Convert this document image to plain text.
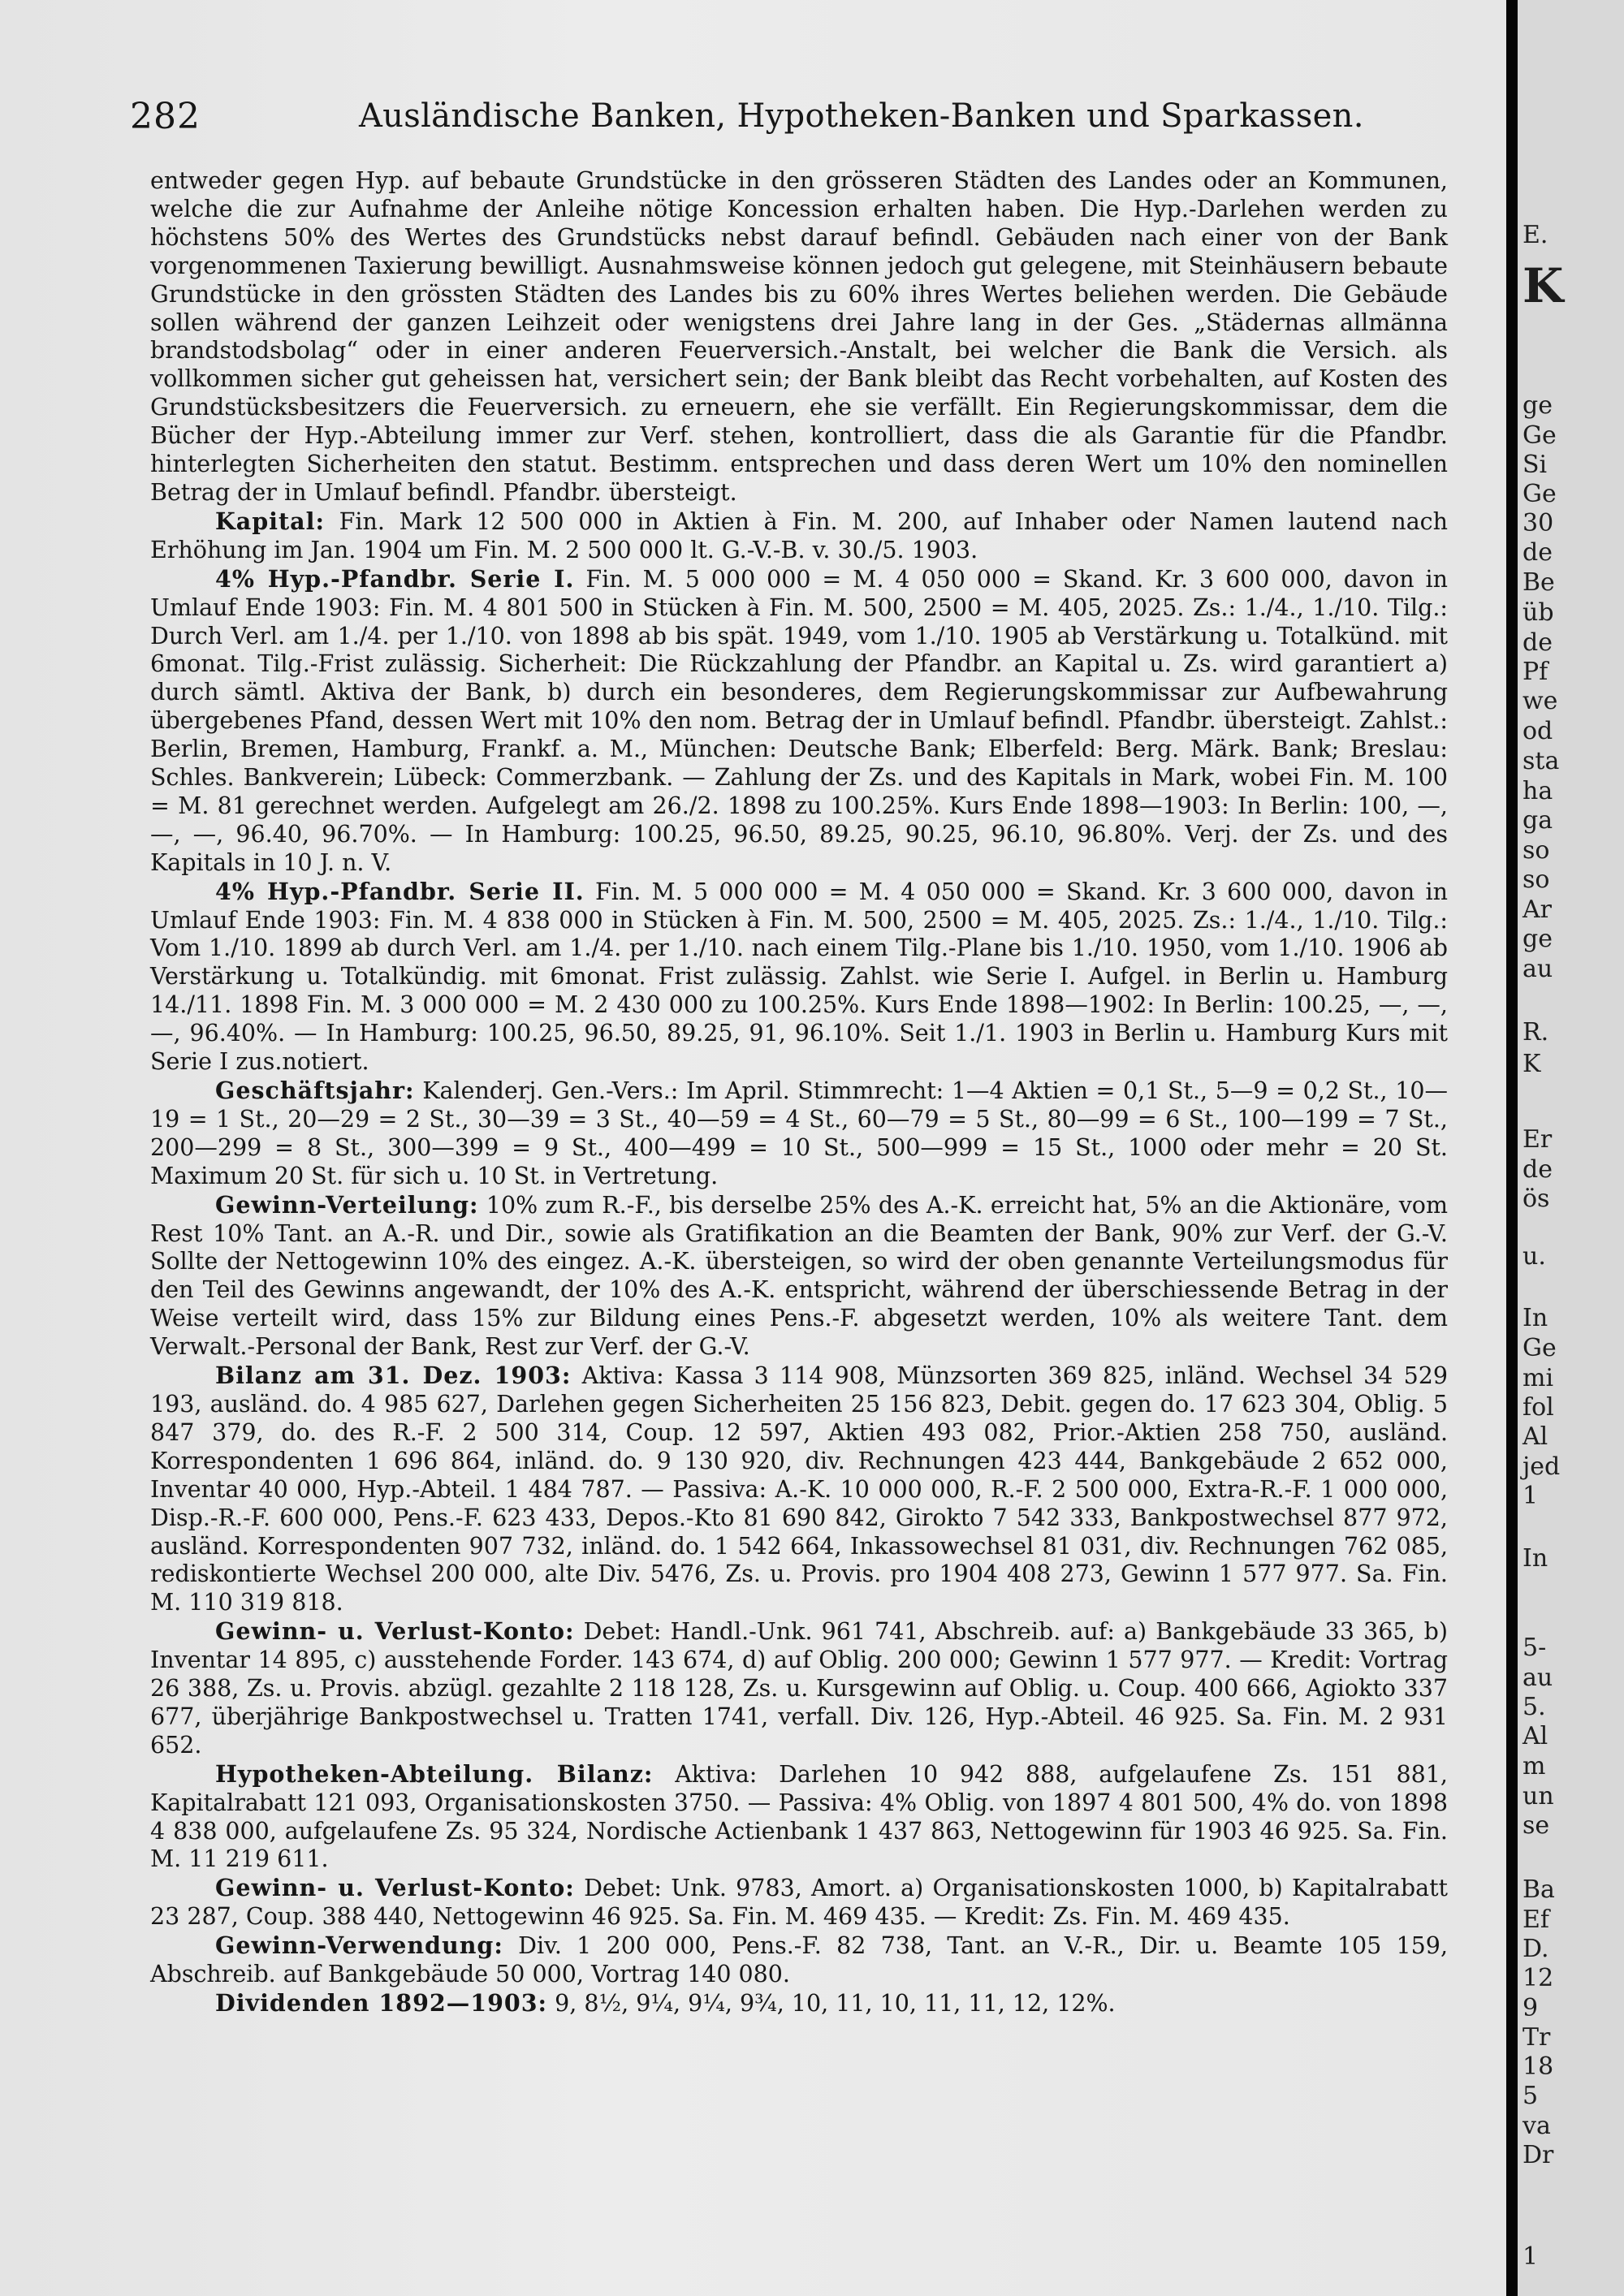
282	Ausländische Banken, Hypotheken-Banken und Sparkassen.

entweder gegen Hyp. auf bebaute Grundstücke in den grösseren Städten des Landes oder an Kommunen, welche die zur Aufnahme der Anleihe nötige Koncession erhalten haben. Die Hyp.-Darlehen werden zu höchstens 50% des Wertes des Grundstücks nebst darauf befindl. Gebäuden nach einer von der Bank vorgenommenen Taxierung bewilligt. Ausnahmsweise können jedoch gut gelegene, mit Steinhäusern bebaute Grundstücke in den grössten Städten des Landes bis zu 60% ihres Wertes beliehen werden. Die Gebäude sollen während der ganzen Leihzeit oder wenigstens drei Jahre lang in der Ges. „Städernas allmänna brandstodsbolag“ oder in einer anderen Feuerversich.-Anstalt, bei welcher die Bank die Versich. als vollkommen sicher gut geheissen hat, versichert sein; der Bank bleibt das Recht vorbehalten, auf Kosten des Grundstücksbesitzers die Feuerversich. zu erneuern, ehe sie verfällt. Ein Regierungskommissar, dem die Bücher der Hyp.-Abteilung immer zur Verf. stehen, kontrolliert, dass die als Garantie für die Pfandbr. hinterlegten Sicherheiten den statut. Bestimm. entsprechen und dass deren Wert um 10% den nominellen Betrag der in Umlauf befindl. Pfandbr. übersteigt.

Kapital: Fin. Mark 12 500 000 in Aktien à Fin. M. 200, auf Inhaber oder Namen lautend nach Erhöhung im Jan. 1904 um Fin. M. 2 500 000 lt. G.-V.-B. v. 30./5. 1903.

4% Hyp.-Pfandbr. Serie I. Fin. M. 5 000 000 = M. 4 050 000 = Skand. Kr. 3 600 000, davon in Umlauf Ende 1903: Fin. M. 4 801 500 in Stücken à Fin. M. 500, 2500 = M. 405, 2025. Zs.: 1./4., 1./10. Tilg.: Durch Verl. am 1./4. per 1./10. von 1898 ab bis spät. 1949, vom 1./10. 1905 ab Verstärkung u. Totalkünd. mit 6monat. Tilg.-Frist zulässig. Sicherheit: Die Rückzahlung der Pfandbr. an Kapital u. Zs. wird garantiert a) durch sämtl. Aktiva der Bank, b) durch ein besonderes, dem Regierungskommissar zur Aufbewahrung übergebenes Pfand, dessen Wert mit 10% den nom. Betrag der in Umlauf befindl. Pfandbr. übersteigt. Zahlst.: Berlin, Bremen, Hamburg, Frankf. a. M., München: Deutsche Bank; Elberfeld: Berg. Märk. Bank; Breslau: Schles. Bankverein; Lübeck: Commerzbank. — Zahlung der Zs. und des Kapitals in Mark, wobei Fin. M. 100 = M. 81 gerechnet werden. Aufgelegt am 26./2. 1898 zu 100.25%. Kurs Ende 1898—1903: In Berlin: 100, —, —, —, 96.40, 96.70%. — In Hamburg: 100.25, 96.50, 89.25, 90.25, 96.10, 96.80%. Verj. der Zs. und des Kapitals in 10 J. n. V.

4% Hyp.-Pfandbr. Serie II. Fin. M. 5 000 000 = M. 4 050 000 = Skand. Kr. 3 600 000, davon in Umlauf Ende 1903: Fin. M. 4 838 000 in Stücken à Fin. M. 500, 2500 = M. 405, 2025. Zs.: 1./4., 1./10. Tilg.: Vom 1./10. 1899 ab durch Verl. am 1./4. per 1./10. nach einem Tilg.-Plane bis 1./10. 1950, vom 1./10. 1906 ab Verstärkung u. Totalkündig. mit 6monat. Frist zulässig. Zahlst. wie Serie I. Aufgel. in Berlin u. Hamburg 14./11. 1898 Fin. M. 3 000 000 = M. 2 430 000 zu 100.25%. Kurs Ende 1898—1902: In Berlin: 100.25, —, —, —, 96.40%. — In Hamburg: 100.25, 96.50, 89.25, 91, 96.10%. Seit 1./1. 1903 in Berlin u. Hamburg Kurs mit Serie I zus.notiert.

Geschäftsjahr: Kalenderj. Gen.-Vers.: Im April. Stimmrecht: 1—4 Aktien = 0,1 St., 5—9 = 0,2 St., 10—19 = 1 St., 20—29 = 2 St., 30—39 = 3 St., 40—59 = 4 St., 60—79 = 5 St., 80—99 = 6 St., 100—199 = 7 St., 200—299 = 8 St., 300—399 = 9 St., 400—499 = 10 St., 500—999 = 15 St., 1000 oder mehr = 20 St. Maximum 20 St. für sich u. 10 St. in Vertretung.

Gewinn-Verteilung: 10% zum R.-F., bis derselbe 25% des A.-K. erreicht hat, 5% an die Aktionäre, vom Rest 10% Tant. an A.-R. und Dir., sowie als Gratifikation an die Beamten der Bank, 90% zur Verf. der G.-V. Sollte der Nettogewinn 10% des eingez. A.-K. übersteigen, so wird der oben genannte Verteilungsmodus für den Teil des Gewinns angewandt, der 10% des A.-K. entspricht, während der überschiessende Betrag in der Weise verteilt wird, dass 15% zur Bildung eines Pens.-F. abgesetzt werden, 10% als weitere Tant. dem Verwalt.-Personal der Bank, Rest zur Verf. der G.-V.

Bilanz am 31. Dez. 1903: Aktiva: Kassa 3 114 908, Münzsorten 369 825, inländ. Wechsel 34 529 193, ausländ. do. 4 985 627, Darlehen gegen Sicherheiten 25 156 823, Debit. gegen do. 17 623 304, Oblig. 5 847 379, do. des R.-F. 2 500 314, Coup. 12 597, Aktien 493 082, Prior.-Aktien 258 750, ausländ. Korrespondenten 1 696 864, inländ. do. 9 130 920, div. Rechnungen 423 444, Bankgebäude 2 652 000, Inventar 40 000, Hyp.-Abteil. 1 484 787. — Passiva: A.-K. 10 000 000, R.-F. 2 500 000, Extra-R.-F. 1 000 000, Disp.-R.-F. 600 000, Pens.-F. 623 433, Depos.-Kto 81 690 842, Girokto 7 542 333, Bankpostwechsel 877 972, ausländ. Korrespondenten 907 732, inländ. do. 1 542 664, Inkassowechsel 81 031, div. Rechnungen 762 085, rediskontierte Wechsel 200 000, alte Div. 5476, Zs. u. Provis. pro 1904 408 273, Gewinn 1 577 977. Sa. Fin. M. 110 319 818.

Gewinn- u. Verlust-Konto: Debet: Handl.-Unk. 961 741, Abschreib. auf: a) Bankgebäude 33 365, b) Inventar 14 895, c) ausstehende Forder. 143 674, d) auf Oblig. 200 000; Gewinn 1 577 977. — Kredit: Vortrag 26 388, Zs. u. Provis. abzügl. gezahlte 2 118 128, Zs. u. Kursgewinn auf Oblig. u. Coup. 400 666, Agiokto 337 677, überjährige Bankpostwechsel u. Tratten 1741, verfall. Div. 126, Hyp.-Abteil. 46 925. Sa. Fin. M. 2 931 652.

Hypotheken-Abteilung. Bilanz: Aktiva: Darlehen 10 942 888, aufgelaufene Zs. 151 881, Kapitalrabatt 121 093, Organisationskosten 3750. — Passiva: 4% Oblig. von 1897 4 801 500, 4% do. von 1898 4 838 000, aufgelaufene Zs. 95 324, Nordische Actienbank 1 437 863, Nettogewinn für 1903 46 925. Sa. Fin. M. 11 219 611.

Gewinn- u. Verlust-Konto: Debet: Unk. 9783, Amort. a) Organisationskosten 1000, b) Kapitalrabatt 23 287, Coup. 388 440, Nettogewinn 46 925. Sa. Fin. M. 469 435. — Kredit: Zs. Fin. M. 469 435.

Gewinn-Verwendung: Div. 1 200 000, Pens.-F. 82 738, Tant. an V.-R., Dir. u. Beamte 105 159, Abschreib. auf Bankgebäude 50 000, Vortrag 140 080.

Dividenden 1892—1903: 9, 8½, 9¼, 9¼, 9¾, 10, 11, 10, 11, 11, 12, 12%.

E.
K
ge
Ge
Si
Ge
30
de
Be
üb
de
Pf
we
od
sta
ha
ga
so
so
Ar
ge
au
R.
K
Er
de
ös
u.
In
Ge
mi
fol
Al
jed
1
In
5-
au
5.
Al
m
un
se
Ba
Ef
D.
12
9
Tr
18
5
va
Dr
1
